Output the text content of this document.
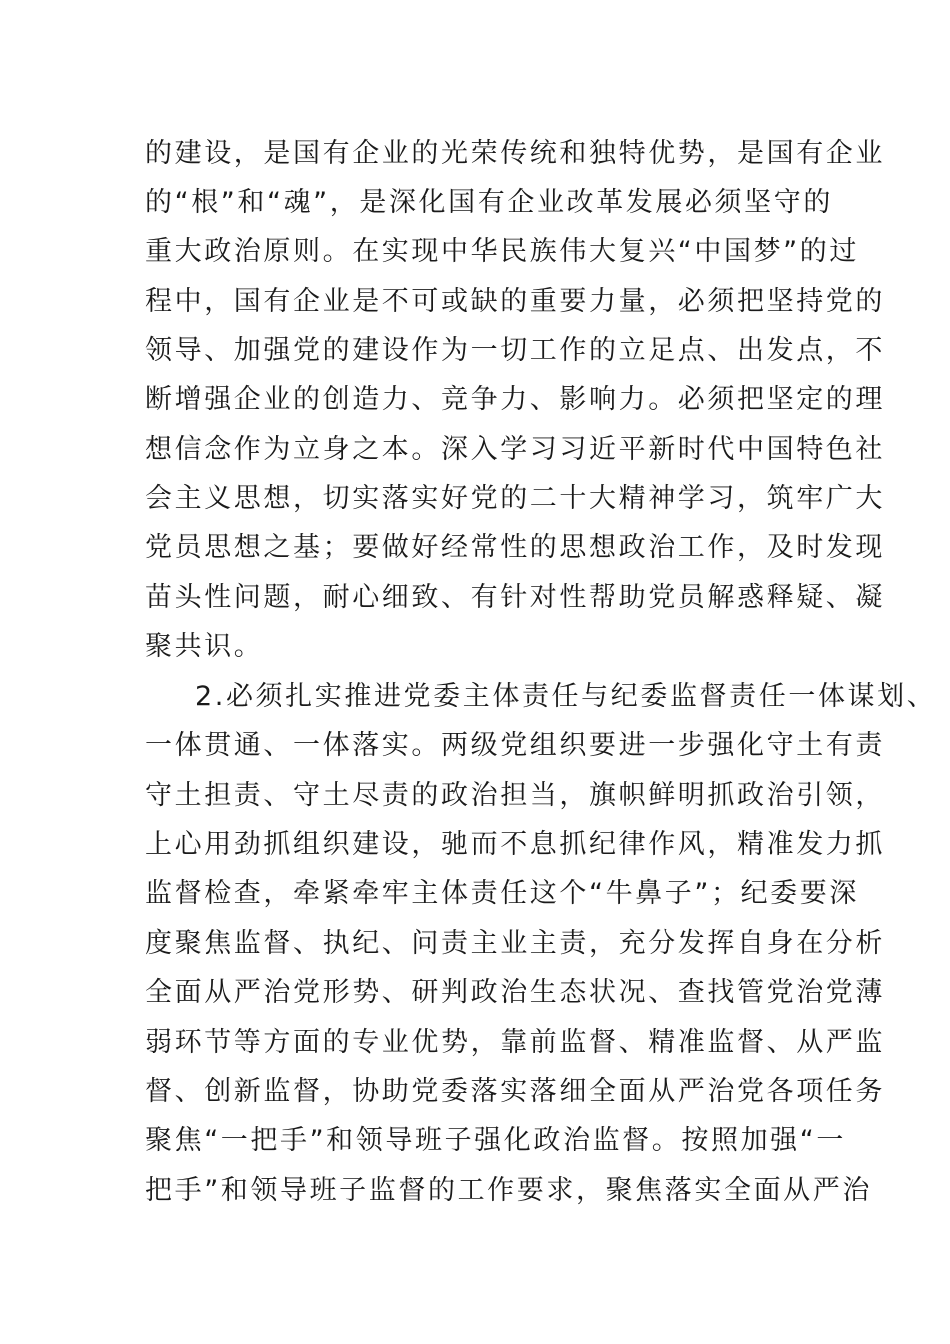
的建设，是国有企业的光荣传统和独特优势，是国有企业
的“根”和“魂”，是深化国有企业改革发展必须坚守的
重大政治原则。在实现中华民族伟大复兴“中国梦”的过
程中，国有企业是不可或缺的重要力量，必须把坚持党的
领导、加强党的建设作为一切工作的立足点、出发点，不
断增强企业的创造力、竞争力、影响力。必须把坚定的理
想信念作为立身之本。深入学习习近平新时代中国特色社
会主义思想，切实落实好党的二十大精神学习，筑牢广大
党员思想之基；要做好经常性的思想政治工作，及时发现
苗头性问题，耐心细致、有针对性帮助党员解惑释疑、凝
聚共识。
2.必须扎实推进党委主体责任与纪委监督责任一体谋划、
一体贯通、一体落实。两级党组织要进一步强化守土有责
守土担责、守土尽责的政治担当，旗帜鲜明抓政治引领，
上心用劲抓组织建设，驰而不息抓纪律作风，精准发力抓
监督检查，牵紧牵牢主体责任这个“牛鼻子”；纪委要深
度聚焦监督、执纪、问责主业主责，充分发挥自身在分析
全面从严治党形势、研判政治生态状况、查找管党治党薄
弱环节等方面的专业优势，靠前监督、精准监督、从严监
督、创新监督，协助党委落实落细全面从严治党各项任务
聚焦“一把手”和领导班子强化政治监督。按照加强“一
把手”和领导班子监督的工作要求，聚焦落实全面从严治
